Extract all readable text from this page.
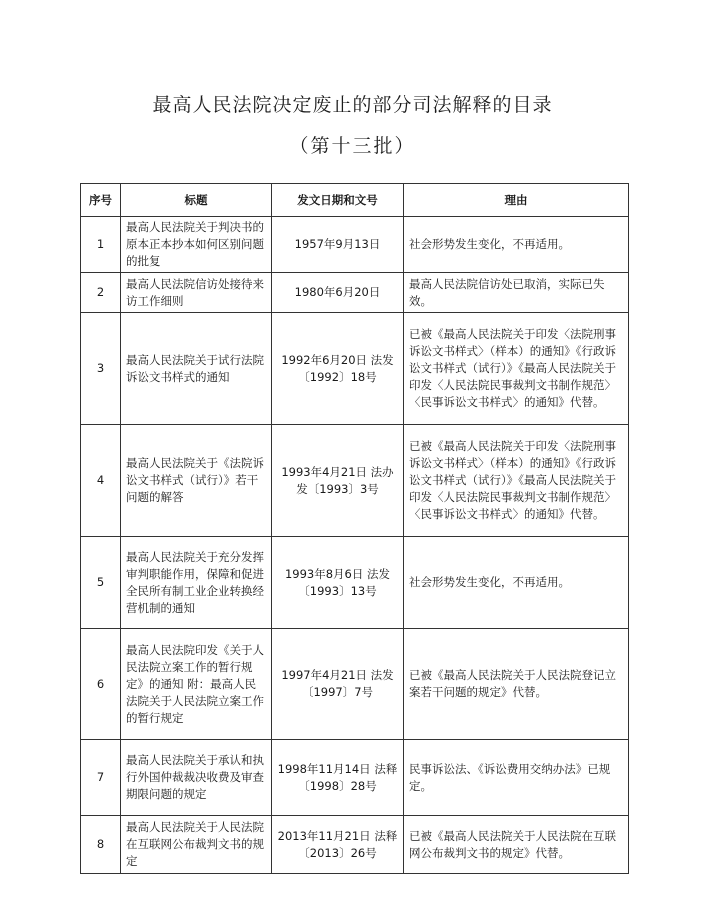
最高人民法院决定废止的部分司法解释的目录
（第十三批）
序号	标题	发文日期和文号	理由
1	最高人民法院关于判决书的原本正本抄本如何区别问题的批复	1957年9月13日	社会形势发生变化，不再适用。
2	最高人民法院信访处接待来访工作细则	1980年6月20日	最高人民法院信访处已取消，实际已失效。
3	最高人民法院关于试行法院诉讼文书样式的通知	1992年6月20日 法发〔1992〕18号	已被《最高人民法院关于印发〈法院刑事诉讼文书样式〉（样本）的通知》《行政诉讼文书样式（试行）》《最高人民法院关于印发〈人民法院民事裁判文书制作规范〉〈民事诉讼文书样式〉的通知》代替。
4	最高人民法院关于《法院诉讼文书样式（试行）》若干问题的解答	1993年4月21日 法办发〔1993〕3号	已被《最高人民法院关于印发〈法院刑事诉讼文书样式〉（样本）的通知》《行政诉讼文书样式（试行）》《最高人民法院关于印发〈人民法院民事裁判文书制作规范〉〈民事诉讼文书样式〉的通知》代替。
5	最高人民法院关于充分发挥审判职能作用，保障和促进全民所有制工业企业转换经营机制的通知	1993年8月6日 法发〔1993〕13号	社会形势发生变化，不再适用。
6	最高人民法院印发《关于人民法院立案工作的暂行规定》的通知 附：最高人民法院关于人民法院立案工作的暂行规定	1997年4月21日 法发〔1997〕7号	已被《最高人民法院关于人民法院登记立案若干问题的规定》代替。
7	最高人民法院关于承认和执行外国仲裁裁决收费及审查期限问题的规定	1998年11月14日 法释〔1998〕28号	民事诉讼法、《诉讼费用交纳办法》已规定。
8	最高人民法院关于人民法院在互联网公布裁判文书的规定	2013年11月21日 法释〔2013〕26号	已被《最高人民法院关于人民法院在互联网公布裁判文书的规定》代替。
